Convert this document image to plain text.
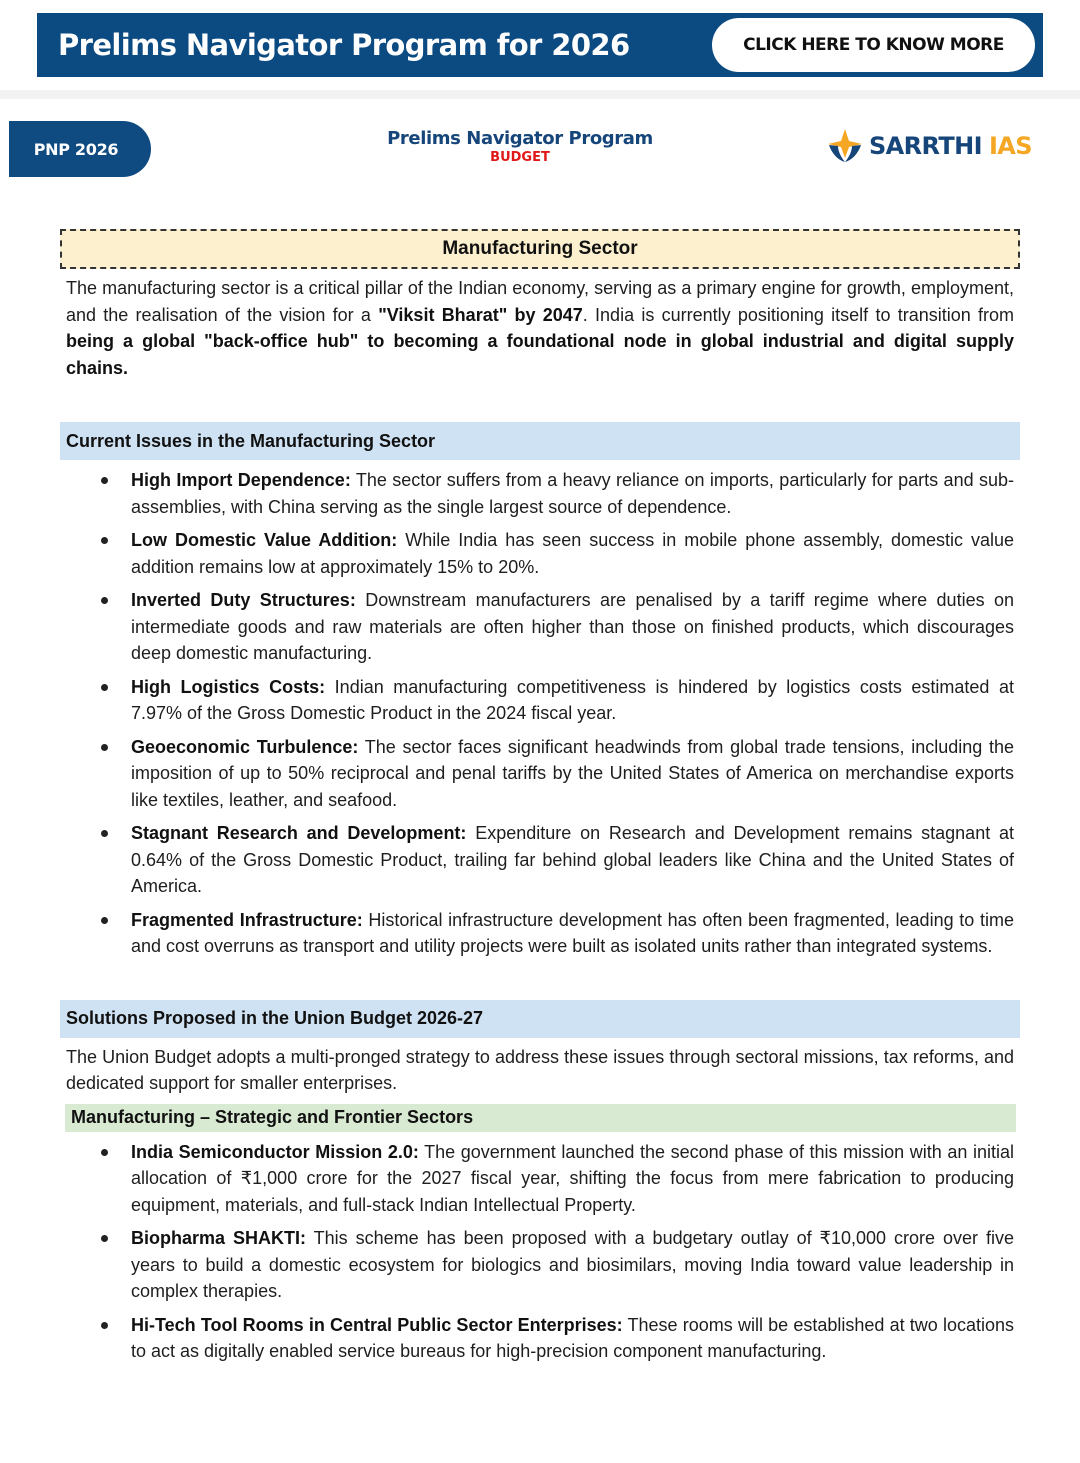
Prelims Navigator Program for 2026	CLICK HERE TO KNOW MORE
PNP 2026	Prelims Navigator Program
BUDGET	SARRTHI IAS
Manufacturing Sector

The manufacturing sector is a critical pillar of the Indian economy, serving as a primary engine for growth, employment, and the realisation of the vision for a "Viksit Bharat" by 2047. India is currently positioning itself to transition from being a global "back-office hub" to becoming a foundational node in global industrial and digital supply chains.

Current Issues in the Manufacturing Sector
High Import Dependence: The sector suffers from a heavy reliance on imports, particularly for parts and sub-assemblies, with China serving as the single largest source of dependence.
Low Domestic Value Addition: While India has seen success in mobile phone assembly, domestic value addition remains low at approximately 15% to 20%.
Inverted Duty Structures: Downstream manufacturers are penalised by a tariff regime where duties on intermediate goods and raw materials are often higher than those on finished products, which discourages deep domestic manufacturing.
High Logistics Costs: Indian manufacturing competitiveness is hindered by logistics costs estimated at 7.97% of the Gross Domestic Product in the 2024 fiscal year.
Geoeconomic Turbulence: The sector faces significant headwinds from global trade tensions, including the imposition of up to 50% reciprocal and penal tariffs by the United States of America on merchandise exports like textiles, leather, and seafood.
Stagnant Research and Development: Expenditure on Research and Development remains stagnant at 0.64% of the Gross Domestic Product, trailing far behind global leaders like China and the United States of America.
Fragmented Infrastructure: Historical infrastructure development has often been fragmented, leading to time and cost overruns as transport and utility projects were built as isolated units rather than integrated systems.
Solutions Proposed in the Union Budget 2026-27

The Union Budget adopts a multi-pronged strategy to address these issues through sectoral missions, tax reforms, and dedicated support for smaller enterprises.

Manufacturing – Strategic and Frontier Sectors
India Semiconductor Mission 2.0: The government launched the second phase of this mission with an initial allocation of ₹1,000 crore for the 2027 fiscal year, shifting the focus from mere fabrication to producing equipment, materials, and full-stack Indian Intellectual Property.
Biopharma SHAKTI: This scheme has been proposed with a budgetary outlay of ₹10,000 crore over five years to build a domestic ecosystem for biologics and biosimilars, moving India toward value leadership in complex therapies.
Hi-Tech Tool Rooms in Central Public Sector Enterprises: These rooms will be established at two locations to act as digitally enabled service bureaus for high-precision component manufacturing.
